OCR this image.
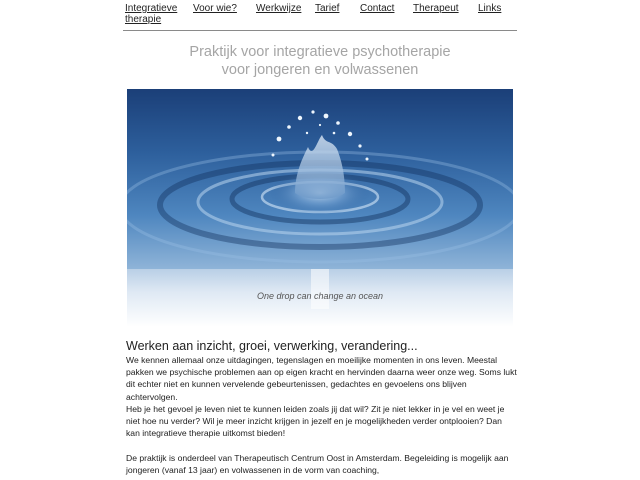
Integratieve therapie
Voor wie? Werkwijze Tarief Contact Therapeut Links
Praktijk voor integratieve psychotherapie
voor jongeren en volwassenen
One drop can change an ocean
Werken aan inzicht, groei, verwerking, verandering...

We kennen allemaal onze uitdagingen, tegenslagen en moeilijke momenten in ons leven. Meestal pakken we psychische problemen aan op eigen kracht en hervinden daarna weer onze weg. Soms lukt dit echter niet en kunnen vervelende gebeurtenissen, gedachtes en gevoelens ons blijven achtervolgen.

Heb je het gevoel je leven niet te kunnen leiden zoals jij dat wil? Zit je niet lekker in je vel en weet je niet hoe nu verder? Wil je meer inzicht krijgen in jezelf en je mogelijkheden verder ontplooien? Dan kan integratieve therapie uitkomst bieden!

De praktijk is onderdeel van Therapeutisch Centrum Oost in Amsterdam. Begeleiding is mogelijk aan jongeren (vanaf 13 jaar) en volwassenen in de vorm van coaching,
